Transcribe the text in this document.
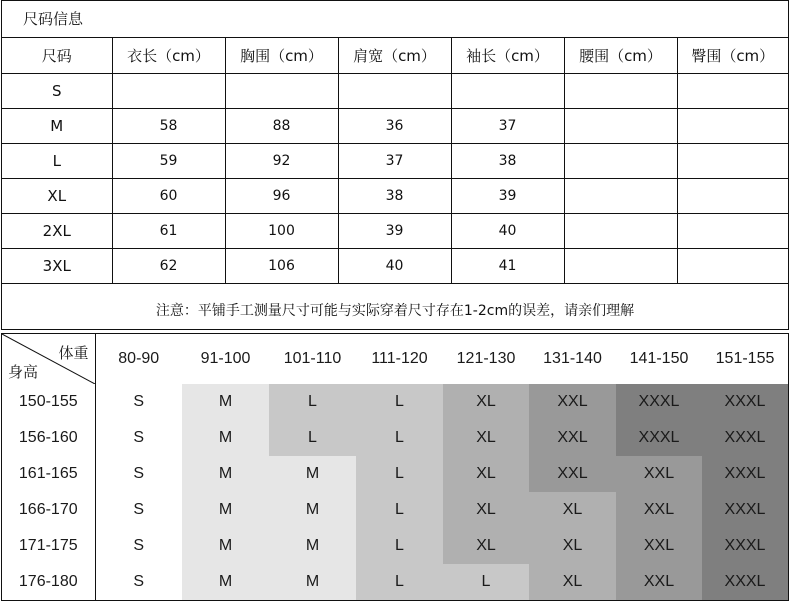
尺码信息
尺码	衣长（cm）	胸围（cm）	肩宽（cm）	袖长（cm）	腰围（cm）	臀围（cm）
S						
M	58	88	36	37		
L	59	92	37	38		
XL	60	96	38	39		
2XL	61	100	39	40		
3XL	62	106	40	41		
注意：平铺手工测量尺寸可能与实际穿着尺寸存在1-2cm的误差，请亲们理解
体重
身高	80-90	91-100	101-110	111-120	121-130	131-140	141-150	151-155
150-155	S	M	L	L	XL	XXL	XXXL	XXXL
156-160	S	M	L	L	XL	XXL	XXXL	XXXL
161-165	S	M	M	L	XL	XXL	XXL	XXXL
166-170	S	M	M	L	XL	XL	XXL	XXXL
171-175	S	M	M	L	XL	XL	XXL	XXXL
176-180	S	M	M	L	L	XL	XXL	XXXL
